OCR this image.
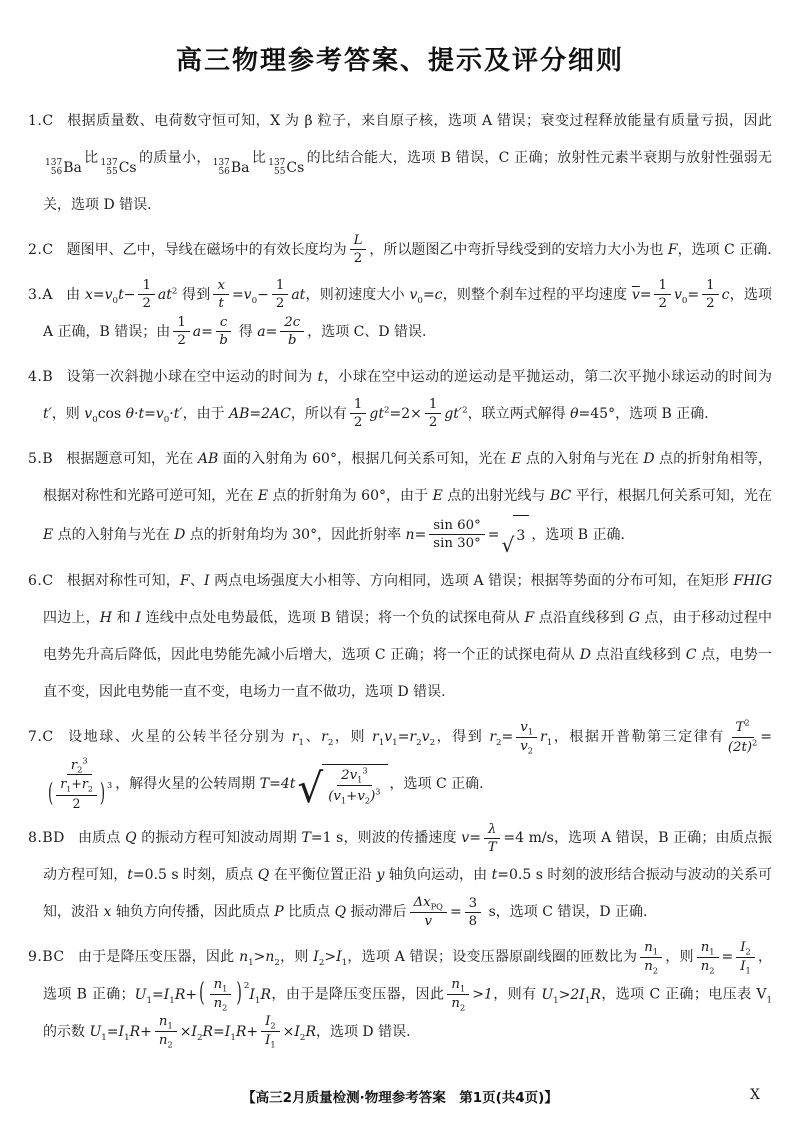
高三物理参考答案、提示及评分细则

1.C 根据质量数、电荷数守恒可知，X 为 β 粒子，来自原子核，选项 A 错误；衰变过程释放能量有质量亏损，因此
137
56 Ba
比 137
55 Cs
的质量小， 137
56 Ba
比 137
55 Cs
的比结合能大，选项 B 错误，C 正确；放射性元素半衰期与放射性强弱无关，选项 D 错误.

2.C 题图甲、乙中，导线在磁场中的有效长度均为 $\frac{L}{2}$ ，所以题图乙中弯折导线受到的安培力大小为也 F，选项 C 正确.

3.A 由 $x=v_0t- \frac{1}{2} at^2$ 得到 $\frac{x}{t} =v_0- \frac{1}{2}$ at，则初速度大小 $v_0=c$，则整个刹车过程的平均速度 $\overline{v}= \frac{1}{2} v_0= \frac{1}{2}$ c，选项 A 正确，B 错误；由 $\frac{1}{2} a= \frac{c}{b}$ 得 $a= \frac{2c}{b}$ ，选项 C、D 错误.

4.B 设第一次斜抛小球在空中运动的时间为 t，小球在空中运动的逆运动是平抛运动，第二次平抛小球运动的时间为 t′，则 $v_0\cos$ $\theta\cdot t=v_0\cdot t'$，由于 AB=2AC，所以有 $\frac{1}{2} gt^2=2\times \frac{1}{2} gt'^2$，联立两式解得 θ=45°，选项 B 正确.

5.B 根据题意可知，光在 AB 面的入射角为 60°，根据几何关系可知，光在 E 点的入射角与光在 D 点的折射角相等，根据对称性和光路可逆可知，光在 E 点的折射角为 60°，由于 E 点的出射光线与 BC 平行，根据几何关系可知，光在 E 点的入射角与光在 D 点的折射角均为 30°，因此折射率 $n= \frac{\sin 60^\circ}{\sin 30^\circ}$ = √ 3 ，选项 B 正确.

6.C 根据对称性可知，F、I 两点电场强度大小相等、方向相同，选项 A 错误；根据等势面的分布可知，在矩形 FHIG 四边上，H 和 I 连线中点处电势最低，选项 B 错误；将一个负的试探电荷从 F 点沿直线移到 G 点，由于移动过程中电势先升高后降低，因此电势能先减小后增大，选项 C 正确；将一个正的试探电荷从 D 点沿直线移到 C 点，电势一直不变，因此电势能一直不变，电场力一直不做功，选项 D 错误.

7.C 设地球、火星的公转半径分别为 $r_1$、$r_2$，则 $r_1v_1=r_2v_2$，得到 $r_2= \frac{v_1}{v_2} r_1$，根据开普勒第三定律有 $\frac{T^2}{(2t)^2}$ =
$\frac{r_2^3}{( \frac{r_1+r_2}{2} ) ^3}$ ，解得火星的公转周期 T=4t √ $\frac{2v_1^3}{(v_1+v_2)^3}$ ，选项 C 正确.

8.BD 由质点 Q 的振动方程可知波动周期 T=1 s，则波的传播速度 $v= \frac{\lambda}{T} =4$ m/s，选项 A 错误，B 正确；由质点振动方程可知，t=0.5 s 时刻，质点 Q 在平衡位置正沿 y 轴负向运动，由 t=0.5 s 时刻的波形结合振动与波动的关系可知，波沿 x 轴负方向传播，因此质点 P 比质点 Q 振动滞后 $\frac{\Delta x_{PQ}}{v} = \frac{3}{8}$ s，选项 C 错误，D 正确.

9.BC 由于是降压变压器，因此 $n_1>n_2$，则 $I_2>I_1$，选项 A 错误；设变压器原副线圈的匝数比为 $\frac{n_1}{n_2}$ ，则 $\frac{n_1}{n_2} = \frac{I_2}{I_1}$ ，选项 B 正确；$U_1=I_1R+$ ( $\frac{n_1}{n_2}$ ) $^2I_1R$，由于是降压变压器，因此 $\frac{n_1}{n_2} >1$，则有 $U_1>2I_1R$，选项 C 正确；电压表 $V_1$ 的示数 $U_1=I_1R+ \frac{n_1}{n_2} \times I_2R=I_1R+ \frac{I_2}{I_1} \times I_2R$，选项 D 错误.

【高三2月质量检测·物理参考答案　第1页(共4页)】	X
